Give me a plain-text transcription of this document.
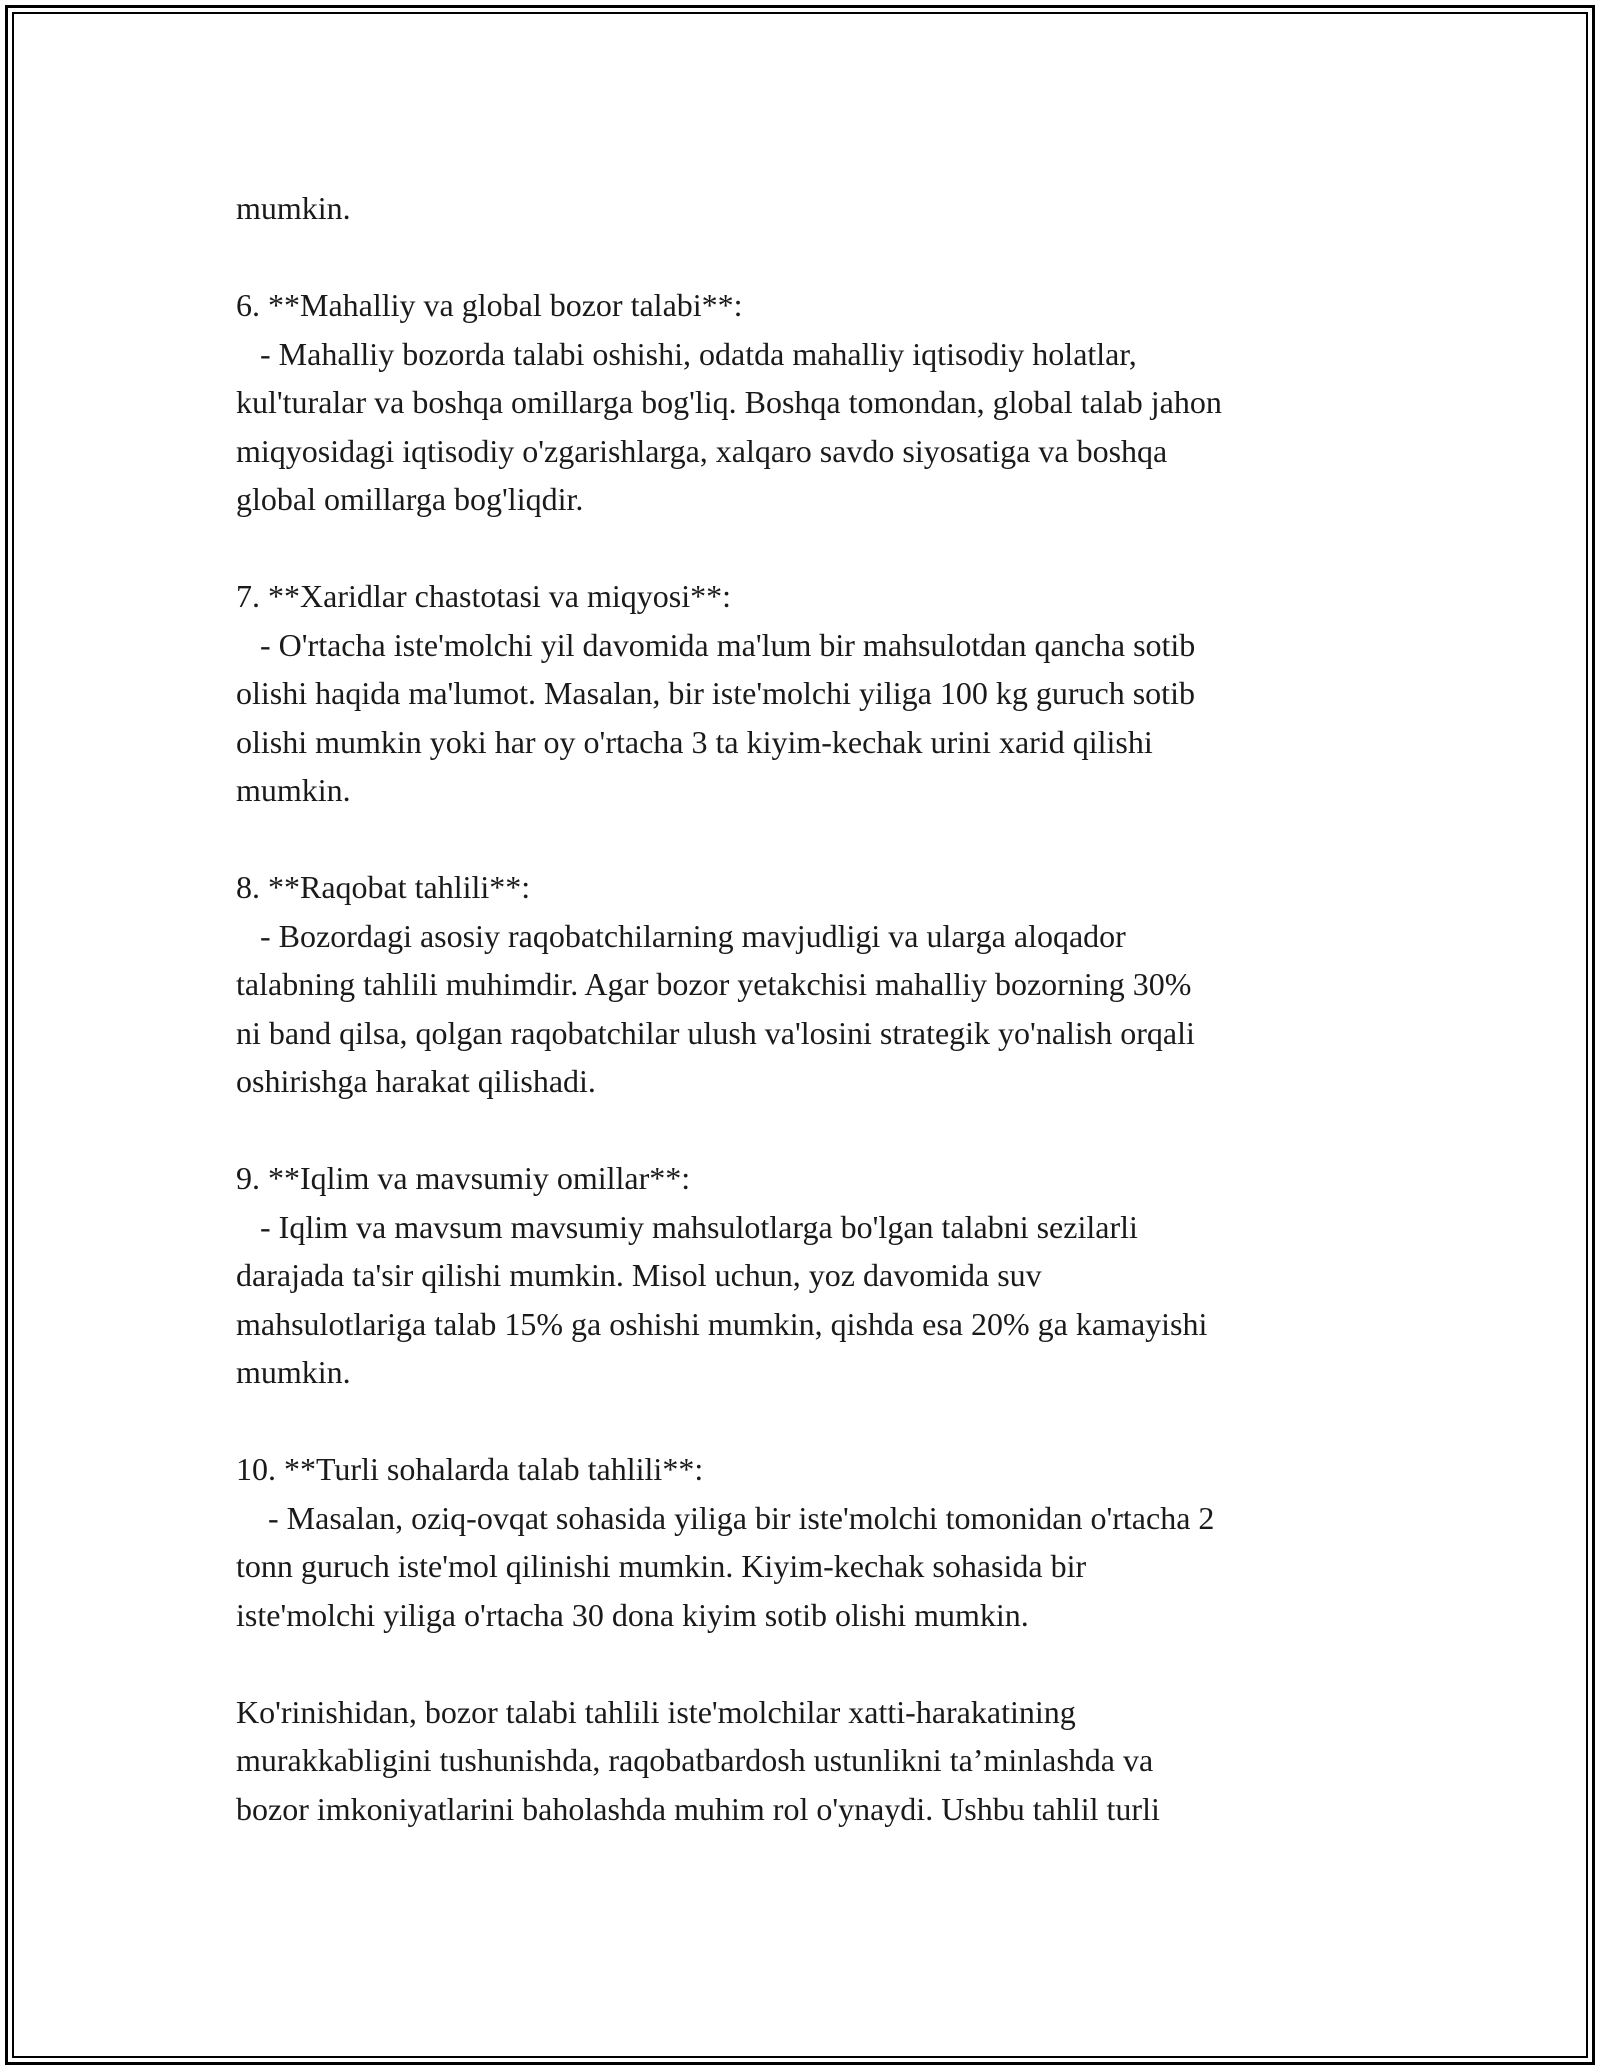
mumkin.

6. **Mahalliy va global bozor talabi**:

- Mahalliy bozorda talabi oshishi, odatda mahalliy iqtisodiy holatlar,

kul'turalar va boshqa omillarga bog'liq. Boshqa tomondan, global talab jahon

miqyosidagi iqtisodiy o'zgarishlarga, xalqaro savdo siyosatiga va boshqa

global omillarga bog'liqdir.

7. **Xaridlar chastotasi va miqyosi**:

- O'rtacha iste'molchi yil davomida ma'lum bir mahsulotdan qancha sotib

olishi haqida ma'lumot. Masalan, bir iste'molchi yiliga 100 kg guruch sotib

olishi mumkin yoki har oy o'rtacha 3 ta kiyim-kechak urini xarid qilishi

mumkin.

8. **Raqobat tahlili**:

- Bozordagi asosiy raqobatchilarning mavjudligi va ularga aloqador

talabning tahlili muhimdir. Agar bozor yetakchisi mahalliy bozorning 30%

ni band qilsa, qolgan raqobatchilar ulush va'losini strategik yo'nalish orqali

oshirishga harakat qilishadi.

9. **Iqlim va mavsumiy omillar**:

- Iqlim va mavsum mavsumiy mahsulotlarga bo'lgan talabni sezilarli

darajada ta'sir qilishi mumkin. Misol uchun, yoz davomida suv

mahsulotlariga talab 15% ga oshishi mumkin, qishda esa 20% ga kamayishi

mumkin.

10. **Turli sohalarda talab tahlili**:

- Masalan, oziq-ovqat sohasida yiliga bir iste'molchi tomonidan o'rtacha 2

tonn guruch iste'mol qilinishi mumkin. Kiyim-kechak sohasida bir

iste'molchi yiliga o'rtacha 30 dona kiyim sotib olishi mumkin.

Ko'rinishidan, bozor talabi tahlili iste'molchilar xatti-harakatining

murakkabligini tushunishda, raqobatbardosh ustunlikni ta’minlashda va

bozor imkoniyatlarini baholashda muhim rol o'ynaydi. Ushbu tahlil turli
